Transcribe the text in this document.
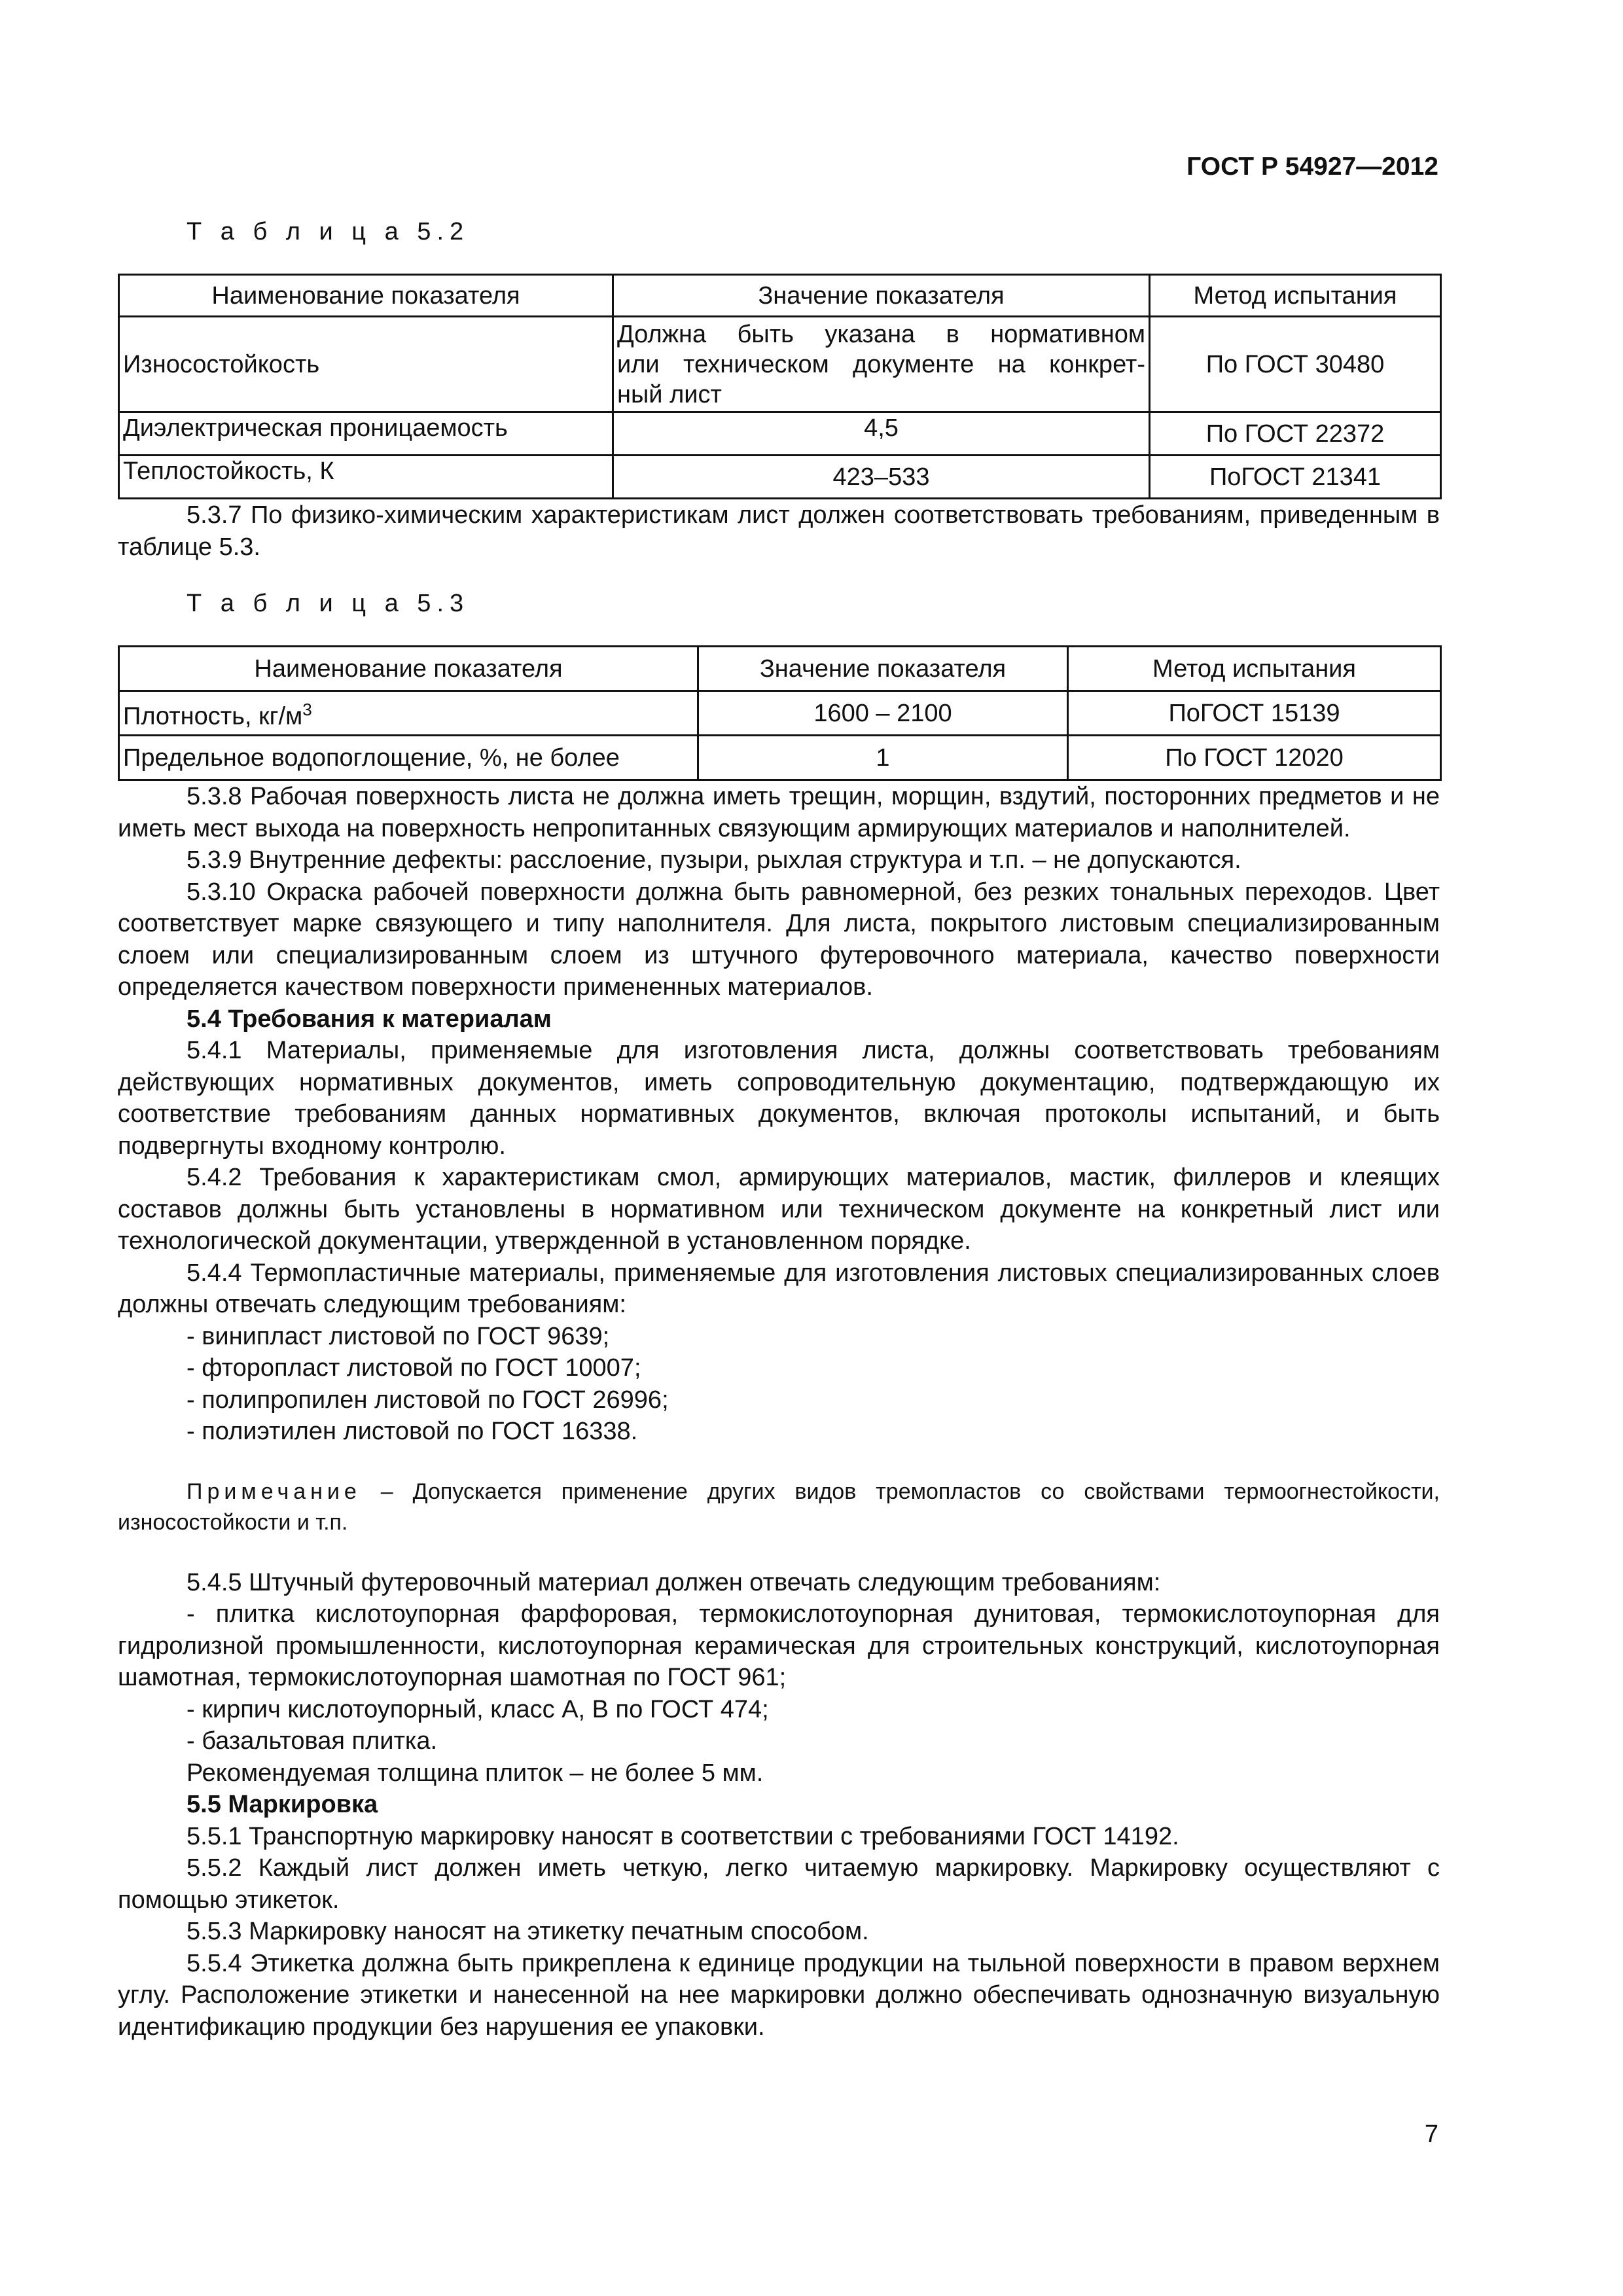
ГОСТ Р 54927—2012
Т а б л и ц а 5.2
Наименование показателя	Значение показателя	Метод испытания
Износостойкость	Должна быть указана в нормативном
или техническом документе на конкрет-
ный лист	По ГОСТ 30480
Диэлектрическая проницаемость	4,5	По ГОСТ 22372
Теплостойкость, К	423–533	ПоГОСТ 21341
5.3.7 По физико-химическим характеристикам лист должен соответствовать требованиям, приведенным в таблице 5.3.
Т а б л и ц а 5.3
Наименование показателя	Значение показателя	Метод испытания
Плотность, $кг/м^3$	1600 – 2100	ПоГОСТ 15139
Предельное водопоглощение, %, не более	1	По ГОСТ 12020
5.3.8 Рабочая поверхность листа не должна иметь трещин, морщин, вздутий, посторонних предметов и не иметь мест выхода на поверхность непропитанных связующим армирующих материалов и наполнителей.
5.3.9 Внутренние дефекты: расслоение, пузыри, рыхлая структура и т.п. – не допускаются.
5.3.10 Окраска рабочей поверхности должна быть равномерной, без резких тональных переходов. Цвет соответствует марке связующего и типу наполнителя. Для листа, покрытого листовым специализированным слоем или специализированным слоем из штучного футеровочного материала, качество поверхности определяется качеством поверхности примененных материалов.
5.4 Требования к материалам
5.4.1 Материалы, применяемые для изготовления листа, должны соответствовать требованиям действующих нормативных документов, иметь сопроводительную документацию, подтверждающую их соответствие требованиям данных нормативных документов, включая протоколы испытаний, и быть подвергнуты входному контролю.
5.4.2 Требования к характеристикам смол, армирующих материалов, мастик, филлеров и клеящих составов должны быть установлены в нормативном или техническом документе на конкретный лист или технологической документации, утвержденной в установленном порядке.
5.4.4 Термопластичные материалы, применяемые для изготовления листовых специализированных слоев должны отвечать следующим требованиям:
- винипласт листовой по ГОСТ 9639;
- фторопласт листовой по ГОСТ 10007;
- полипропилен листовой по ГОСТ 26996;
- полиэтилен листовой по ГОСТ 16338.
Примечание – Допускается применение других видов тремопластов со свойствами термоогнестойкости, износостойкости и т.п.
5.4.5 Штучный футеровочный материал должен отвечать следующим требованиям:
- плитка кислотоупорная фарфоровая, термокислотоупорная дунитовая, термокислотоупорная для гидролизной промышленности, кислотоупорная керамическая для строительных конструкций, кислотоупорная шамотная, термокислотоупорная шамотная по ГОСТ 961;
- кирпич кислотоупорный, класс А, В по ГОСТ 474;
- базальтовая плитка.
Рекомендуемая толщина плиток – не более 5 мм.
5.5 Маркировка
5.5.1 Транспортную маркировку наносят в соответствии с требованиями ГОСТ 14192.
5.5.2 Каждый лист должен иметь четкую, легко читаемую маркировку. Маркировку осуществляют с помощью этикеток.
5.5.3 Маркировку наносят на этикетку печатным способом.
5.5.4 Этикетка должна быть прикреплена к единице продукции на тыльной поверхности в правом верхнем углу. Расположение этикетки и нанесенной на нее маркировки должно обеспечивать однозначную визуальную идентификацию продукции без нарушения ее упаковки.
7
